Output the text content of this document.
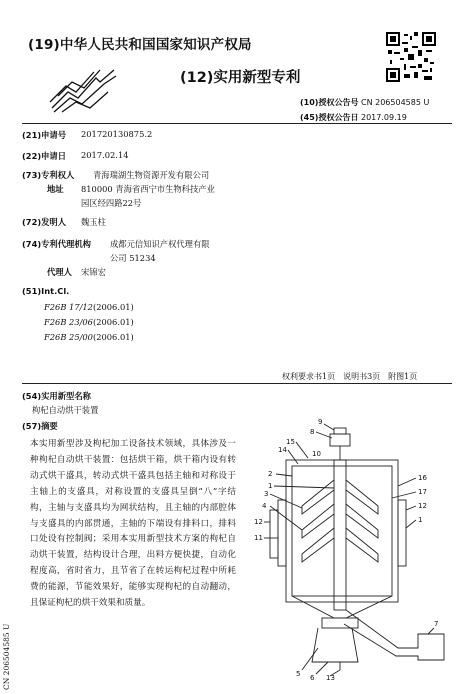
(19)中华人民共和国国家知识产权局
(12)实用新型专利
(10)授权公告号 CN 206504585 U
(45)授权公告日 2017.09.19
(21)申请号 201720130875.2
(22)申请日 2017.02.14
(73)专利权人 青海瑞湖生物资源开发有限公司
地址 810000 青海省西宁市生物科技产业
园区经四路22号
(72)发明人 魏玉柱
(74)专利代理机构 成都元信知识产权代理有限
公司 51234
代理人 宋锦宏
(51)Int.Cl.
F26B 17/12(2006.01)
F26B 23/06(2006.01)
F26B 25/00(2006.01)
权利要求书1页　说明书3页　附图1页
(54)实用新型名称
枸杞自动烘干装置
(57)摘要
本实用新型涉及枸杞加工设备技术领域，具体涉及一种枸杞自动烘干装置：包括烘干箱，烘干箱内设有转动式烘干盛具，转动式烘干盛具包括主轴和对称设于主轴上的支盛具，对称设置的支盛具呈倒“八”字结构，主轴与支盛具均为网状结构，且主轴的内部腔体与支盛具的内部贯通，主轴的下端设有排料口，排料口处设有控制阀；采用本实用新型技术方案的枸杞自动烘干装置，结构设计合理，出料方便快捷，自动化程度高，省时省力，且节省了在转运枸杞过程中所耗费的能源，节能效果好，能够实现枸杞的自动翻动，且保证枸杞的烘干效果和质量。
CN 206504585 U
9
8
15
14	10
2
1
3
4
12
11
5 6 13
7
16
17
12
1
